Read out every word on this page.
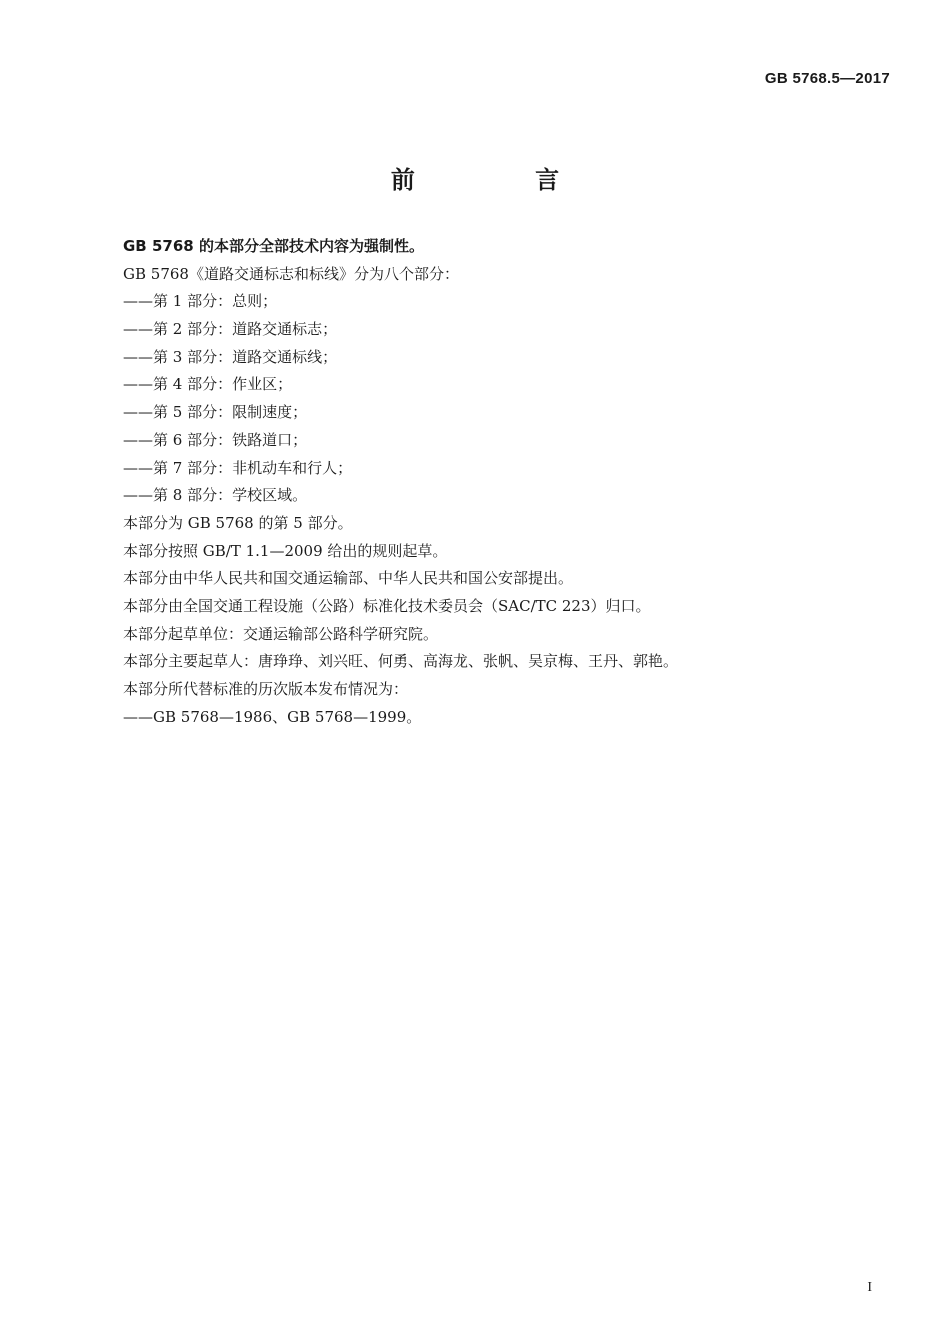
GB 5768.5—2017
前 言
GB 5768 的本部分全部技术内容为强制性。
GB 5768《道路交通标志和标线》分为八个部分：
——第 1 部分：总则；
——第 2 部分：道路交通标志；
——第 3 部分：道路交通标线；
——第 4 部分：作业区；
——第 5 部分：限制速度；
——第 6 部分：铁路道口；
——第 7 部分：非机动车和行人；
——第 8 部分：学校区域。
本部分为 GB 5768 的第 5 部分。
本部分按照 GB/T 1.1—2009 给出的规则起草。
本部分由中华人民共和国交通运输部、中华人民共和国公安部提出。
本部分由全国交通工程设施（公路）标准化技术委员会（SAC/TC 223）归口。
本部分起草单位：交通运输部公路科学研究院。
本部分主要起草人：唐琤琤、刘兴旺、何勇、高海龙、张帆、吴京梅、王丹、郭艳。
本部分所代替标准的历次版本发布情况为：
——GB 5768—1986、GB 5768—1999。
I
